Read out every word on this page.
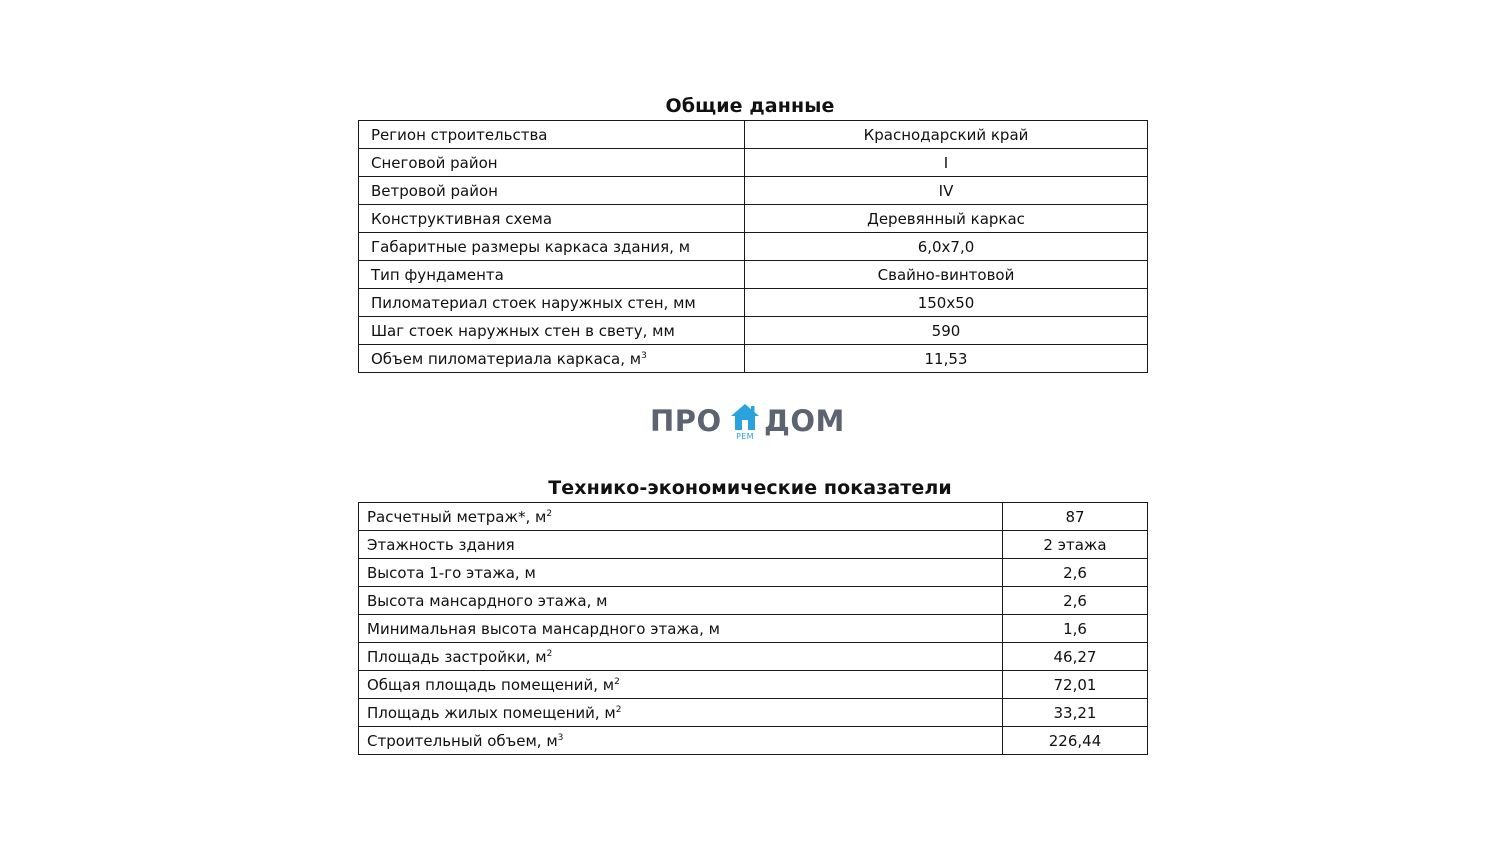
Общие данные
Регион строительства	Краснодарский край
Снеговой район	I
Ветровой район	IV
Конструктивная схема	Деревянный каркас
Габаритные размеры каркаса здания, м	6,0x7,0
Тип фундамента	Свайно-винтовой
Пиломатериал стоек наружных стен, мм	150x50
Шаг стоек наружных стен в свету, мм	590
Объем пиломатериала каркаса, $м^3$	11,53
ПРО	РЕМ ДОМ
Технико-экономические показатели
Расчетный метраж*, $м^2$	87
Этажность здания	2 этажа
Высота 1-го этажа, м	2,6
Высота мансардного этажа, м	2,6
Минимальная высота мансардного этажа, м	1,6
Площадь застройки, $м^2$	46,27
Общая площадь помещений, $м^2$	72,01
Площадь жилых помещений, $м^2$	33,21
Строительный объем, $м^3$	226,44
